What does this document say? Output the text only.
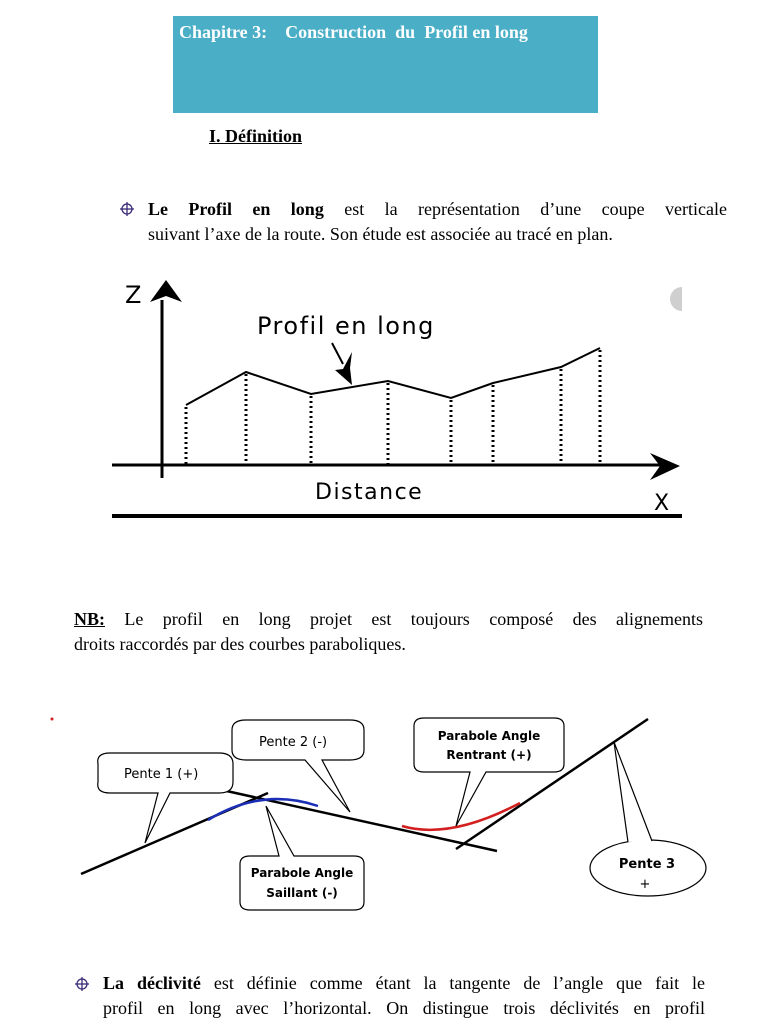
Chapitre 3:    Construction  du  Profil en long
I. Définition
Le Profil en long est la représentation d’une coupe verticale
suivant l’axe de la route. Son étude est associée au tracé en plan.
Z
X
Profil en long
Distance
NB: Le profil en long projet est toujours composé des alignements
droits raccordés par des courbes paraboliques.
Pente 1 (+)
Pente 2 (-)	Parabole Angle
Rentrant (+)
Parabole Angle
Saillant (-)
Pente 3
+
La déclivité est définie comme étant la tangente de l’angle que fait le
profil en long avec l’horizontal. On distingue trois déclivités en profil
